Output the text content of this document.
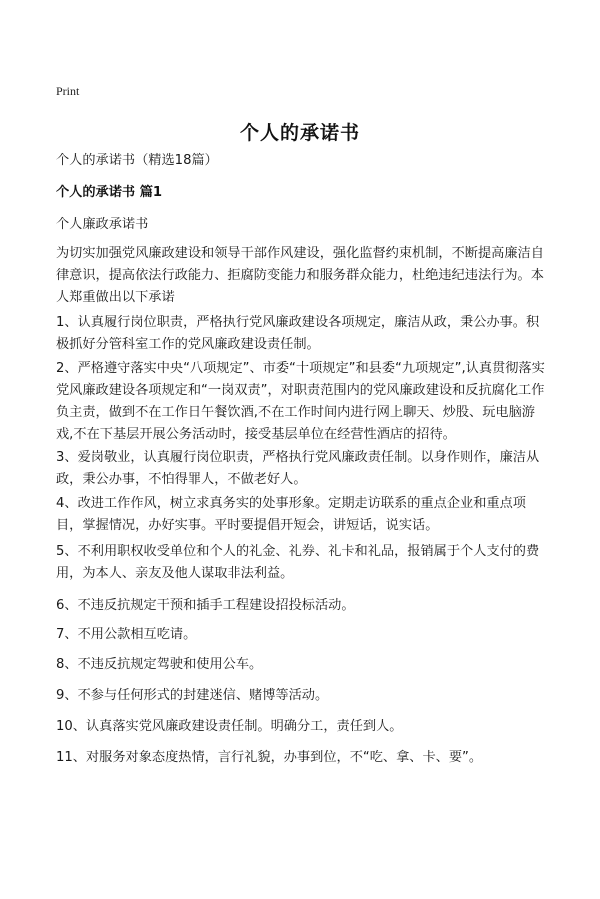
Print
个人的承诺书
个人的承诺书（精选18篇）
个人的承诺书 篇1
个人廉政承诺书
为切实加强党风廉政建设和领导干部作风建设，强化监督约束机制，不断提高廉洁自律意识，提高依法行政能力、拒腐防变能力和服务群众能力，杜绝违纪违法行为。本人郑重做出以下承诺
1、认真履行岗位职责，严格执行党风廉政建设各项规定，廉洁从政，秉公办事。积极抓好分管科室工作的党风廉政建设责任制。
2、严格遵守落实中央“八项规定”、市委“十项规定”和县委“九项规定”,认真贯彻落实党风廉政建设各项规定和“一岗双责”，对职责范围内的党风廉政建设和反抗腐化工作负主责，做到不在工作日午餐饮酒,不在工作时间内进行网上聊天、炒股、玩电脑游戏,不在下基层开展公务活动时，接受基层单位在经营性酒店的招待。
3、爱岗敬业，认真履行岗位职责，严格执行党风廉政责任制。以身作则作，廉洁从政，秉公办事，不怕得罪人，不做老好人。
4、改进工作作风，树立求真务实的处事形象。定期走访联系的重点企业和重点项目，掌握情况，办好实事。平时要提倡开短会，讲短话，说实话。
5、不利用职权收受单位和个人的礼金、礼券、礼卡和礼品，报销属于个人支付的费用，为本人、亲友及他人谋取非法利益。
6、不违反抗规定干预和插手工程建设招投标活动。
7、不用公款相互吃请。
8、不违反抗规定驾驶和使用公车。
9、不参与任何形式的封建迷信、赌博等活动。
10、认真落实党风廉政建设责任制。明确分工，责任到人。
11、对服务对象态度热情，言行礼貌，办事到位，不“吃、拿、卡、要”。
